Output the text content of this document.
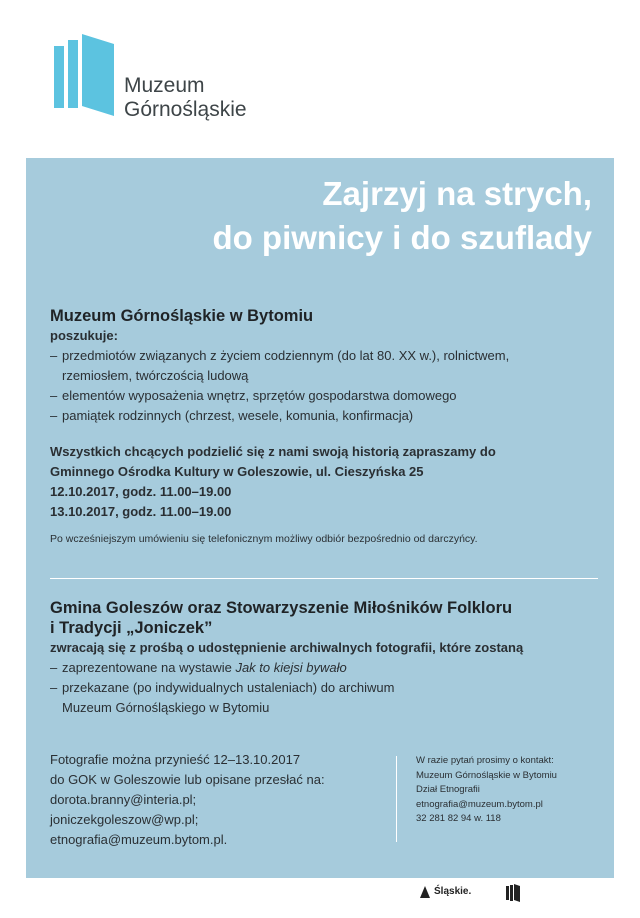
Muzeum
Górnośląskie
Zajrzyj na strych,
do piwnicy i do szuflady
Muzeum Górnośląskie w Bytomiu
poszukuje:
– przedmiotów związanych z życiem codziennym (do lat 80. XX w.), rolnictwem,
rzemiosłem, twórczością ludową
– elementów wyposażenia wnętrz, sprzętów gospodarstwa domowego
– pamiątek rodzinnych (chrzest, wesele, komunia, konfirmacja)
Wszystkich chcących podzielić się z nami swoją historią zapraszamy do
Gminnego Ośrodka Kultury w Goleszowie, ul. Cieszyńska 25
12.10.2017, godz. 11.00–19.00
13.10.2017, godz. 11.00–19.00
Po wcześniejszym umówieniu się telefonicznym możliwy odbiór bezpośrednio od darczyńcy.
Gmina Goleszów oraz Stowarzyszenie Miłośników Folkloru
i Tradycji „Joniczek”
zwracają się z prośbą o udostępnienie archiwalnych fotografii, które zostaną
– zaprezentowane na wystawie Jak to kiejsi bywało
– przekazane (po indywidualnych ustaleniach) do archiwum
Muzeum Górnośląskiego w Bytomiu
Fotografie można przynieść 12–13.10.2017
do GOK w Goleszowie lub opisane przesłać na:
dorota.branny@interia.pl;
joniczekgoleszow@wp.pl;
etnografia@muzeum.bytom.pl.
W razie pytań prosimy o kontakt:
Muzeum Górnośląskie w Bytomiu
Dział Etnografii
etnografia@muzeum.bytom.pl
32 281 82 94 w. 118
Śląskie.
